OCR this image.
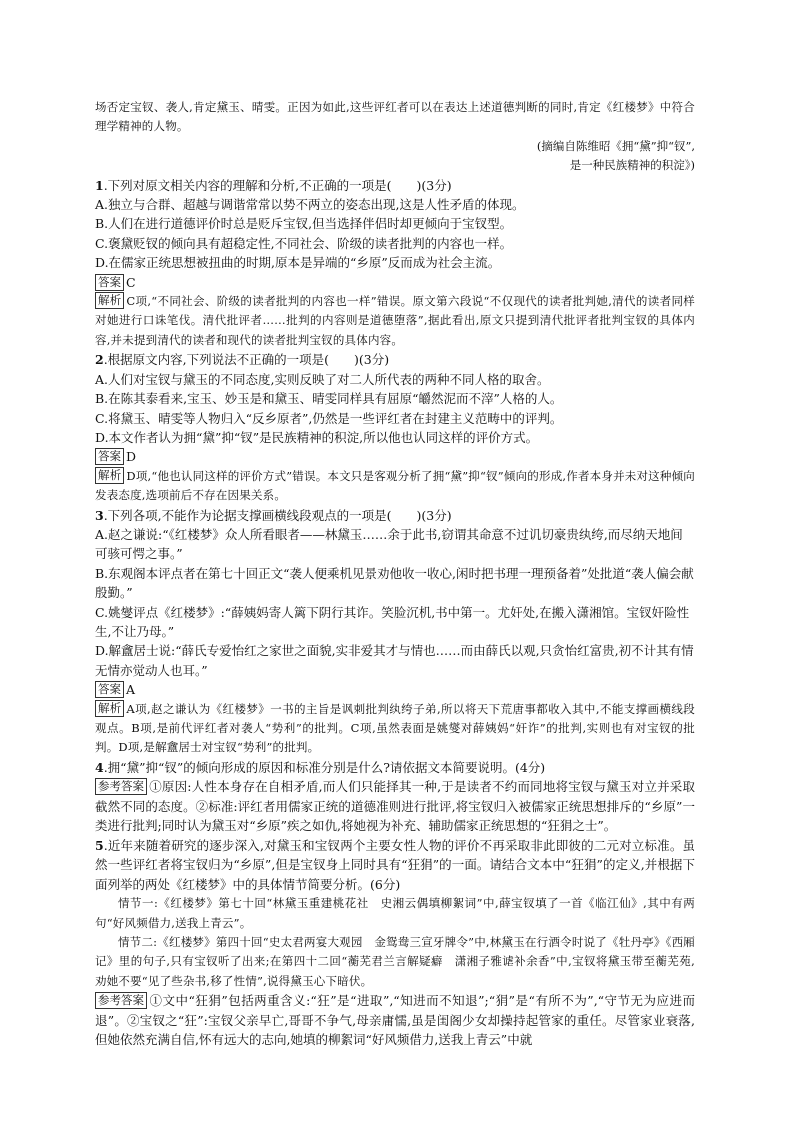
场否定宝钗、袭人,肯定黛玉、晴雯。正因为如此,这些评红者可以在表达上述道德判断的同时,肯定《红楼梦》中符合理学精神的人物。

(摘编自陈维昭《拥“黛”抑“钗”,

是一种民族精神的积淀》)

1.下列对原文相关内容的理解和分析,不正确的一项是(　　)(3分)

A.独立与合群、超越与调谐常常以势不两立的姿态出现,这是人性矛盾的体现。

B.人们在进行道德评价时总是贬斥宝钗,但当选择伴侣时却更倾向于宝钗型。

C.褒黛贬钗的倾向具有超稳定性,不同社会、阶级的读者批判的内容也一样。

D.在儒家正统思想被扭曲的时期,原本是异端的“乡原”反而成为社会主流。

答案 C

解析 C项,“不同社会、阶级的读者批判的内容也一样”错误。原文第六段说“不仅现代的读者批判她,清代的读者同样对她进行口诛笔伐。清代批评者……批判的内容则是道德堕落”,据此看出,原文只提到清代批评者批判宝钗的具体内容,并未提到清代的读者和现代的读者批判宝钗的具体内容。

2.根据原文内容,下列说法不正确的一项是(　　)(3分)

A.人们对宝钗与黛玉的不同态度,实则反映了对二人所代表的两种不同人格的取舍。

B.在陈其泰看来,宝玉、妙玉是和黛玉、晴雯同样具有屈原“皭然泥而不滓”人格的人。

C.将黛玉、晴雯等人物归入“反乡原者”,仍然是一些评红者在封建主义范畴中的评判。

D.本文作者认为拥“黛”抑“钗”是民族精神的积淀,所以他也认同这样的评价方式。

答案 D

解析 D项,“他也认同这样的评价方式”错误。本文只是客观分析了拥“黛”抑“钗”倾向的形成,作者本身并未对这种倾向发表态度,选项前后不存在因果关系。

3.下列各项,不能作为论据支撑画横线段观点的一项是(　　)(3分)

A.赵之谦说:“《红楼梦》众人所看眼者——林黛玉……余于此书,窃谓其命意不过讥切豪贵纨绔,而尽纳天地间可骇可愕之事。”

B.东观阁本评点者在第七十回正文“袭人便乘机见景劝他收一收心,闲时把书理一理预备着”处批道“袭人偏会献殷勤。”

C.姚燮评点《红楼梦》:“薛姨妈寄人篱下阴行其诈。笑脸沉机,书中第一。尤奸处,在搬入潇湘馆。宝钗奸险性生,不让乃母。”

D.解盦居士说:“薛氏专爱怡红之家世之面貌,实非爱其才与情也……而由薛氏以观,只贪怡红富贵,初不计其有情无情亦觉动人也耳。”

答案 A

解析 A项,赵之谦认为《红楼梦》一书的主旨是讽刺批判纨绔子弟,所以将天下荒唐事都收入其中,不能支撑画横线段观点。B项,是前代评红者对袭人“势利”的批判。C项,虽然表面是姚燮对薛姨妈“奸诈”的批判,实则也有对宝钗的批判。D项,是解盦居士对宝钗“势利”的批判。

4.拥“黛”抑“钗”的倾向形成的原因和标准分别是什么?请依据文本简要说明。(4分)

参考答案 ①原因:人性本身存在自相矛盾,而人们只能择其一种,于是读者不约而同地将宝钗与黛玉对立并采取截然不同的态度。②标准:评红者用儒家正统的道德准则进行批评,将宝钗归入被儒家正统思想排斥的“乡原”一类进行批判;同时认为黛玉对“乡原”疾之如仇,将她视为补充、辅助儒家正统思想的“狂狷之士”。

5.近年来随着研究的逐步深入,对黛玉和宝钗两个主要女性人物的评价不再采取非此即彼的二元对立标准。虽然一些评红者将宝钗归为“乡原”,但是宝钗身上同时具有“狂狷”的一面。请结合文本中“狂狷”的定义,并根据下面列举的两处《红楼梦》中的具体情节简要分析。(6分)

情节一:《红楼梦》第七十回“林黛玉重建桃花社　史湘云偶填柳絮词”中,薛宝钗填了一首《临江仙》,其中有两句“好风频借力,送我上青云”。

情节二:《红楼梦》第四十回“史太君两宴大观园　金鸳鸯三宣牙牌令”中,林黛玉在行酒令时说了《牡丹亭》《西厢记》里的句子,只有宝钗听了出来;在第四十二回“蘅芜君兰言解疑癖　潇湘子雅谑补余香”中,宝钗将黛玉带至蘅芜苑,劝她不要“见了些杂书,移了性情”,说得黛玉心下暗伏。

参考答案 ①文中“狂狷”包括两重含义:“狂”是“进取”,“知进而不知退”;“狷”是“有所不为”,“守节无为应进而退”。②宝钗之“狂”:宝钗父亲早亡,哥哥不争气,母亲庸懦,虽是闺阁少女却操持起管家的重任。尽管家业衰落,但她依然充满自信,怀有远大的志向,她填的柳絮词“好风频借力,送我上青云”中就
